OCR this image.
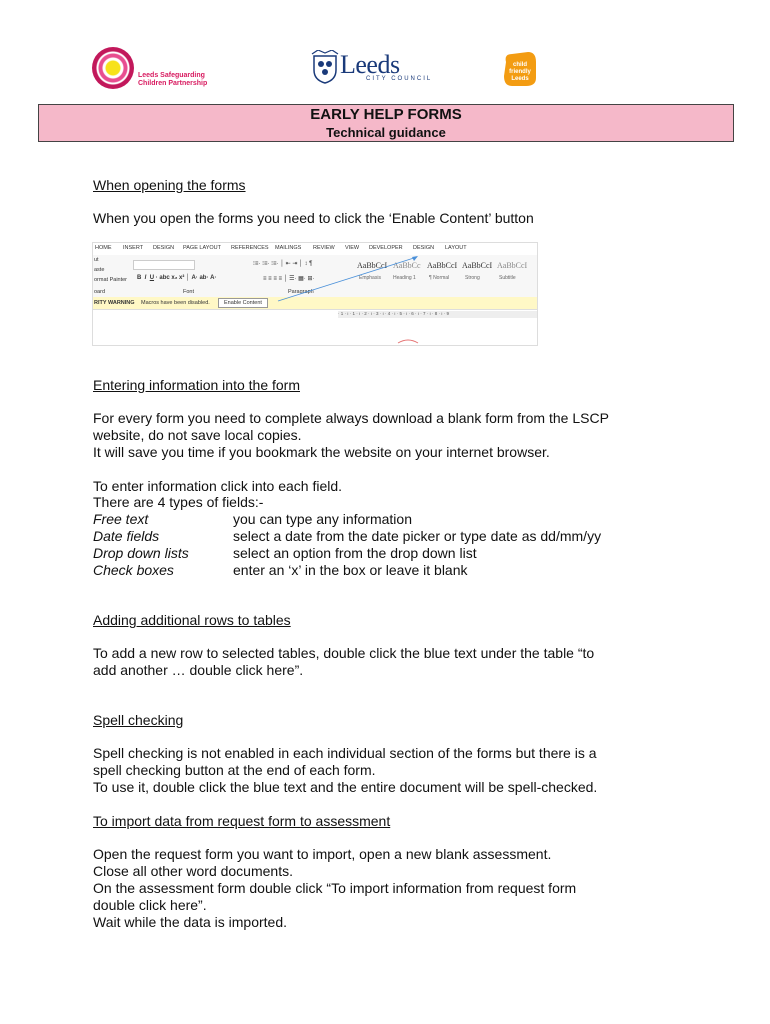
Leeds Safeguarding
Children Partnership
Leeds
CITY COUNCIL
child
friendly
Leeds
EARLY HELP FORMS
Technical guidance
When opening the forms
When you open the forms you need to click the ‘Enable Content’ button
HOME INSERT DESIGN PAGE LAYOUT REFERENCES MAILINGS REVIEW VIEW DEVELOPER DESIGN LAYOUT
ut
aste
ormat Painter
oard
B  I U · abc x₂ x² │ A· ab· A·	≡ ≡ ≡ ≡ │ ☰· ▦· ⊞·
⁝≡· ⁝≡· ⁝≡· │ ⇤ ⇥ │ ↕ ¶
Font	Paragraph
AaBbCcI AaBbCc AaBbCcI AaBbCcI AaBbCcI
Emphasis Heading 1	¶ Normal	Strong	Subtitle
RITY WARNING Macros have been disabled.	Enable Content
· 1 · ı · 1 · ı · 2 · ı · 3 · ı · 4 · ı · 5 · ı · 6 · ı · 7 · ı · 8 · ı · 9
Entering information into the form
For every form you need to complete always download a blank form from the LSCP
website, do not save local copies.
It will save you time if you bookmark the website on your internet browser.
To enter information click into each field.
There are 4 types of fields:-
Free text	you can type any information
Date fields	select a date from the date picker or type date as dd/mm/yy
Drop down lists	select an option from the drop down list
Check boxes	enter an ‘x’ in the box or leave it blank
Adding additional rows to tables
To add a new row to selected tables, double click the blue text under the table “to
add another … double click here”.
Spell checking
Spell checking is not enabled in each individual section of the forms but there is a
spell checking button at the end of each form.
To use it, double click the blue text and the entire document will be spell-checked.
To import data from request form to assessment
Open the request form you want to import, open a new blank assessment.
Close all other word documents.
On the assessment form double click “To import information from request form
double click here”.
Wait while the data is imported.
